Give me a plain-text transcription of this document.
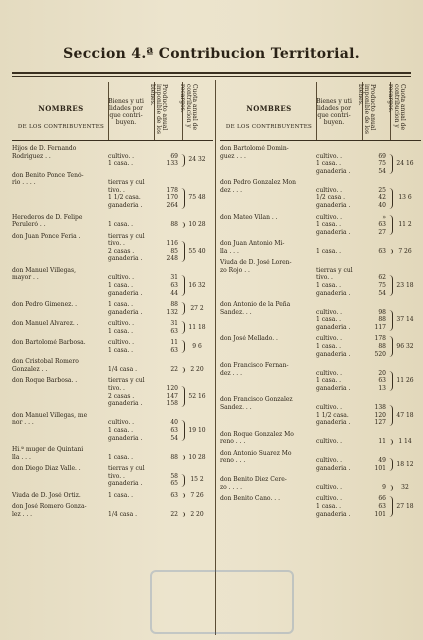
Seccion 4.ª Contribucion Territorial.
NOMBRES
DE LOS CONTRIBUYENTES
Bienes y uti lidades por que contri- buyen.	Producto anual imponible de los bienes.	Cuota anual de contribucion y recargos.
Hijos de D. Fernando
Rodriguez . .	cultivo. .	69
1 casa. .	133
24 32
don Benito Ponce Tenó-
rio . . . .	tierras y cul
tivo. .	178
1 1/2 casa.	170
ganaderia .	264
75 48
Herederos de D. Felipe
Peruleró . .	1 casa. .	88	10 28
don Juan Ponce Feria .	tierras y cul
tivo. .	116
2 casas .	85
ganaderia .	248
55 40
don Manuel Villegas,
mayor . .	cultivo. .	31
1 casa. .	63
ganaderia .	44
16 32
don Pedro Gimenez. .	1 casa. .	88
ganaderia .	132
27 2
don Manuel Alvarez. .	cultivo. .	31
1 casa. .	63
11 18
don Bartolomé Barbosa.	cultivo. .	11
1 casa. .	63
9 6
don Cristobal Romero
Gonzalez . .	1/4 casa .	22	2 20
don Roque Barbosa. .	tierras y cul
tivo. .	120
2 casas .	147
ganaderia .	158
52 16
don Manuel Villegas, me
nor . . .	cultivo. .	40
1 casa. .	63
ganaderia .	54
19 10
Hi.ª muger de Quintani
lla . . .	1 casa. .	88	10 28
don Diego Diaz Valle. .	tierras y cul
tivo. .	58
ganaderia .	65
15 2
Viuda de D. José Ortiz.	1 casa. .	63	7 26
don José Romero Gonza-
lez . . .	1/4 casa .	22	2 20
NOMBRES
DE LOS CONTRIBUYENTES
Bienes y uti lidades por que contri- buyen.	Producto anual imponible de los bienes.	Cuota anual de contribucion y recargos.
don Bartolomé Domin-
guez . . .	cultivo. .	69
1 casa. .	75
ganaderia .	54
24 16
don Pedro Gonzalez Mon
dez . . .	cultivo. .	25
1/2 casa .	42
ganaderia .	40
13 6
don Mateo Vilan . .	cultivo. .	»
1 casa. .	63
ganaderia .	27
11 2
don Juan Antonio Mi-
lla . . .	1 casa. .	63	7 26
Viuda de D. José Loren-
zo Rojo . .	tierras y cul
tivo. .	62
1 casa. .	75
ganaderia .	54
23 18
don Antonio de la Peña
Sandez. . .	cultivo. .	98
1 casa. .	88
ganaderia .	117
37 14
don José Mellado. .	cultivo. .	178
1 casa. .	88
ganaderia .	520
96 32
don Francisco Fernan-
dez . . .	cultivo. .	20
1 casa. .	63
ganaderia .	13
11 26
don Francisco Gonzalez
Sandez. . .	cultivo. .	138
1 1/2 casa.	120
ganaderia .	127
47 18
don Roque Gonzalez Mo
reno . . .	cultivo. .	11	1 14
don Antonio Suarez Mo
reno . . .	cultivo. .	49
ganaderia .	101
18 12
don Benito Diez Cere-
zo . . . .	cultivo. .	9	32
don Benito Cano. . .	cultivo. .	66
1 casa. .	63
ganaderia .	101
27 18
